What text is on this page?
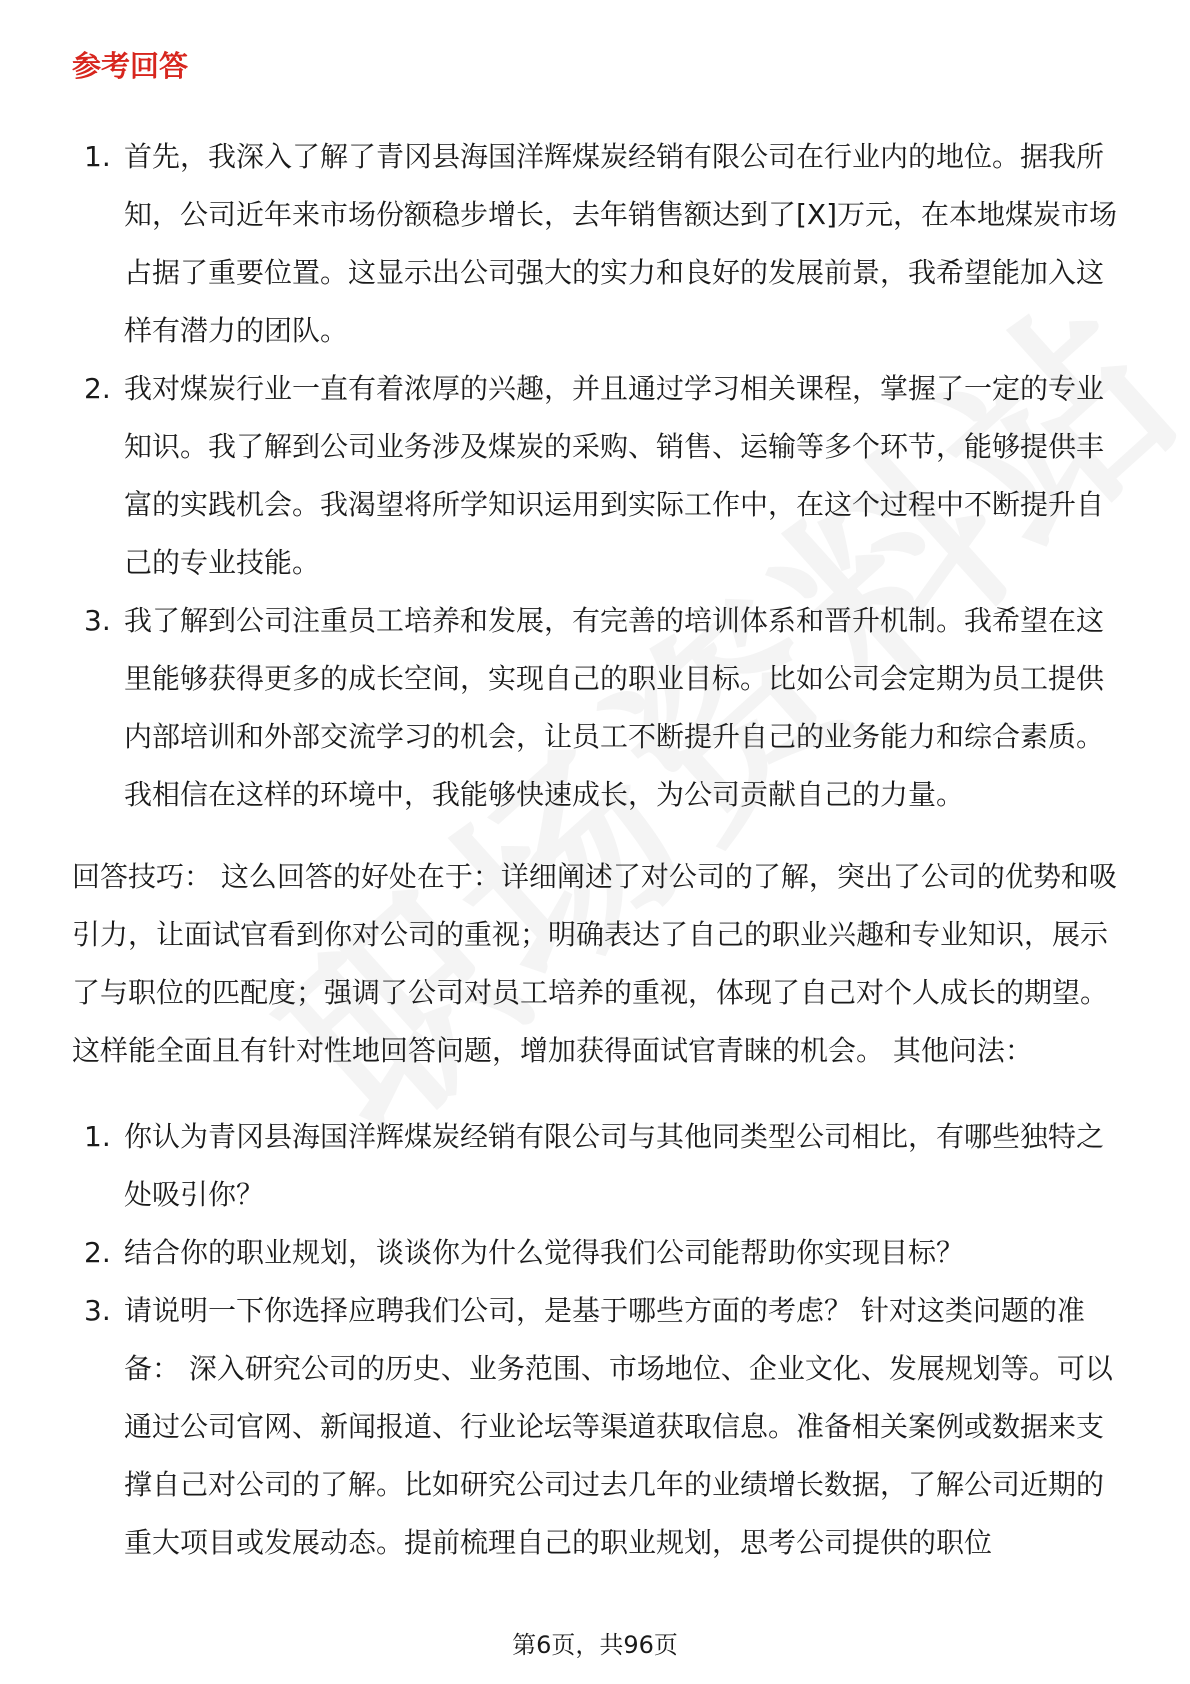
参考回答
1. 首先，我深入了解了青冈县海国洋辉煤炭经销有限公司在行业内的地位。据我所知，公司近年来市场份额稳步增长，去年销售额达到了[X]万元，在本地煤炭市场占据了重要位置。这显示出公司强大的实力和良好的发展前景，我希望能加入这样有潜力的团队。
2. 我对煤炭行业一直有着浓厚的兴趣，并且通过学习相关课程，掌握了一定的专业知识。我了解到公司业务涉及煤炭的采购、销售、运输等多个环节，能够提供丰富的实践机会。我渴望将所学知识运用到实际工作中，在这个过程中不断提升自己的专业技能。
3. 我了解到公司注重员工培养和发展，有完善的培训体系和晋升机制。我希望在这里能够获得更多的成长空间，实现自己的职业目标。比如公司会定期为员工提供内部培训和外部交流学习的机会，让员工不断提升自己的业务能力和综合素质。我相信在这样的环境中，我能够快速成长，为公司贡献自己的力量。

回答技巧： 这么回答的好处在于：详细阐述了对公司的了解，突出了公司的优势和吸引力，让面试官看到你对公司的重视；明确表达了自己的职业兴趣和专业知识，展示了与职位的匹配度；强调了公司对员工培养的重视，体现了自己对个人成长的期望。这样能全面且有针对性地回答问题，增加获得面试官青睐的机会。 其他问法：

1. 你认为青冈县海国洋辉煤炭经销有限公司与其他同类型公司相比，有哪些独特之处吸引你？
2. 结合你的职业规划，谈谈你为什么觉得我们公司能帮助你实现目标？
3. 请说明一下你选择应聘我们公司，是基于哪些方面的考虑？ 针对这类问题的准备： 深入研究公司的历史、业务范围、市场地位、企业文化、发展规划等。可以通过公司官网、新闻报道、行业论坛等渠道获取信息。准备相关案例或数据来支撑自己对公司的了解。比如研究公司过去几年的业绩增长数据，了解公司近期的重大项目或发展动态。提前梳理自己的职业规划，思考公司提供的职位
第6页，共96页
